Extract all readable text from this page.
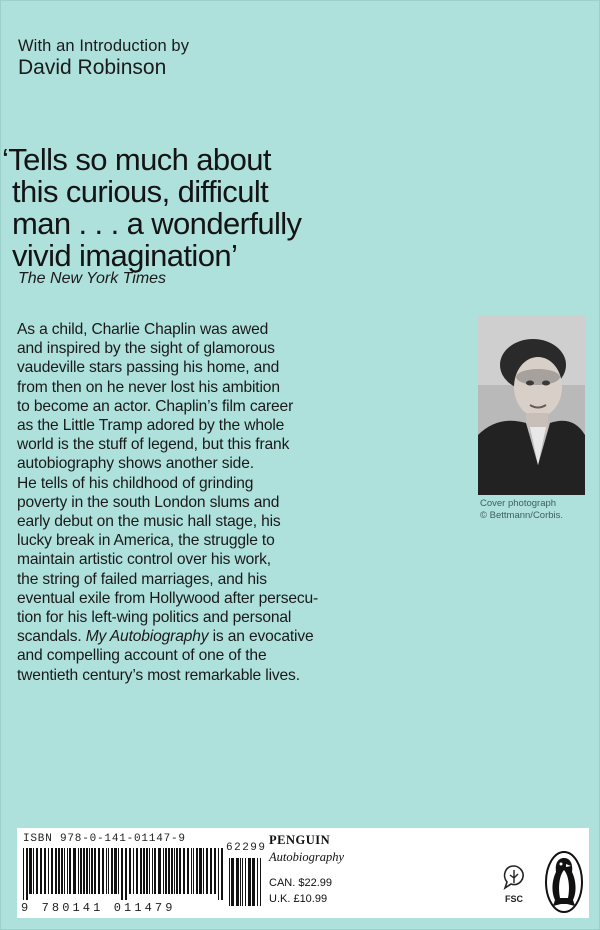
With an Introduction by
David Robinson
‘Tells so much about
this curious, difficult
man . . . a wonderfully
vivid imagination’
The New York Times
As a child, Charlie Chaplin was awed
and inspired by the sight of glamorous
vaudeville stars passing his home, and
from then on he never lost his ambition
to become an actor. Chaplin’s film career
as the Little Tramp adored by the whole
world is the stuff of legend, but this frank
autobiography shows another side.
He tells of his childhood of grinding
poverty in the south London slums and
early debut on the music hall stage, his
lucky break in America, the struggle to
maintain artistic control over his work,
the string of failed marriages, and his
eventual exile from Hollywood after persecu-
tion for his left-wing politics and personal
scandals. My Autobiography is an evocative
and compelling account of one of the
twentieth century’s most remarkable lives.
Cover photograph
© Bettmann/Corbis.
ISBN 978-0-141-01147-9
9 780141 011479
62299
PENGUIN
Autobiography
CAN. $22.99
U.K. £10.99	FSC
